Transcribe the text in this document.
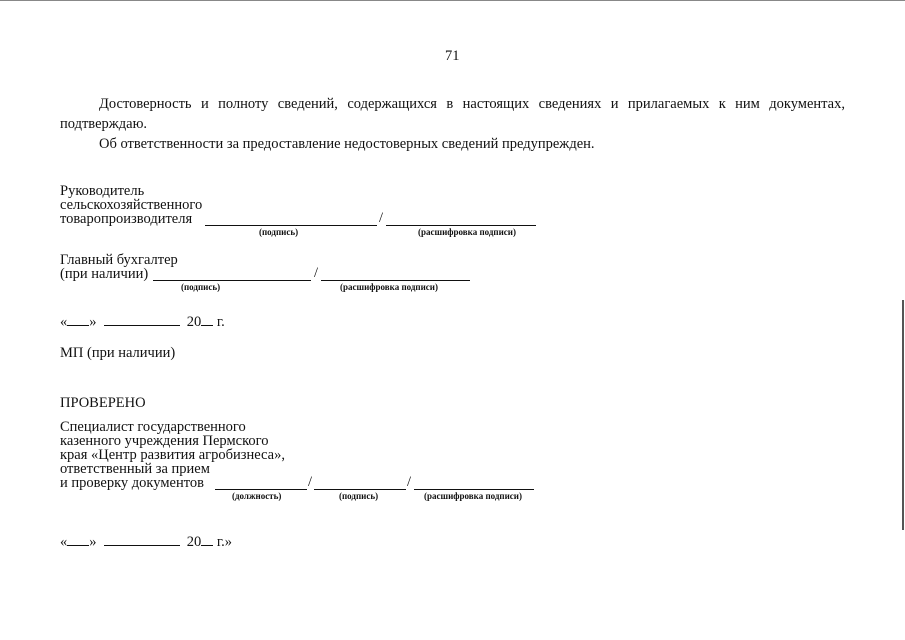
71
Достоверность и полноту сведений, содержащихся в настоящих сведениях и прилагаемых к ним документах,
подтверждаю.
Об ответственности за предоставление недостоверных сведений предупрежден.
Руководитель
сельскохозяйственного
товаропроизводителя	/
(подпись)	(расшифровка подписи)
Главный бухгалтер
(при наличии)	/
(подпись)	(расшифровка подписи)
« »	20 г.
МП (при наличии)
ПРОВЕРЕНО
Специалист государственного
казенного учреждения Пермского
края «Центр развития агробизнеса»,
ответственный за прием
и проверку документов	/	/
(должность)	(подпись)	(расшифровка подписи)
« »	20 г.»
